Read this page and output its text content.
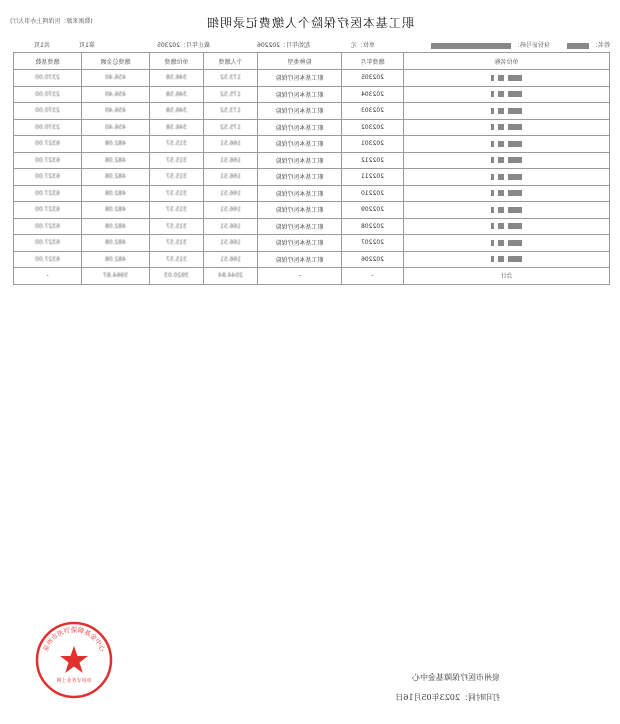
职工基本医疗保险个人缴费记录明细
(数据来源：医保网上办事大厅)
姓名：
身份证号码：
单位：元
起始年月：202206
截止年月：202305
第1页
共1页
单位名称	缴费年月	险种类型	个人缴费	单位缴费	缴费总金额	缴费基数
	202305	职工基本医疗保险	173.52	346.58	456.40	2370.00
	202304	职工基本医疗保险	175.52	346.58	456.40	2370.00
	202303	职工基本医疗保险	173.52	346.58	456.40	2370.00
	202302	职工基本医疗保险	175.52	346.58	456.40	2370.00
	202301	职工基本医疗保险	166.51	315.57	482.08	6327.00
	202212	职工基本医疗保险	166.51	315.57	482.08	6327.00
	202211	职工基本医疗保险	166.51	315.57	482.08	6327.00
	202210	职工基本医疗保险	166.51	315.57	482.08	6327.00
	202209	职工基本医疗保险	166.51	315.57	482.08	6327.00
	202208	职工基本医疗保险	166.51	315.57	482.08	6327.00
	202207	职工基本医疗保险	166.51	315.57	482.08	6327.00
	202206	职工基本医疗保险	166.51	315.57	482.08	6327.00
合计	-	-	2044.84	3920.03	5964.87	-
泉州市医疗保障基金中心
打印时间：2023年05月16日
泉州市医疗保障基金中心
网上业务专用章
